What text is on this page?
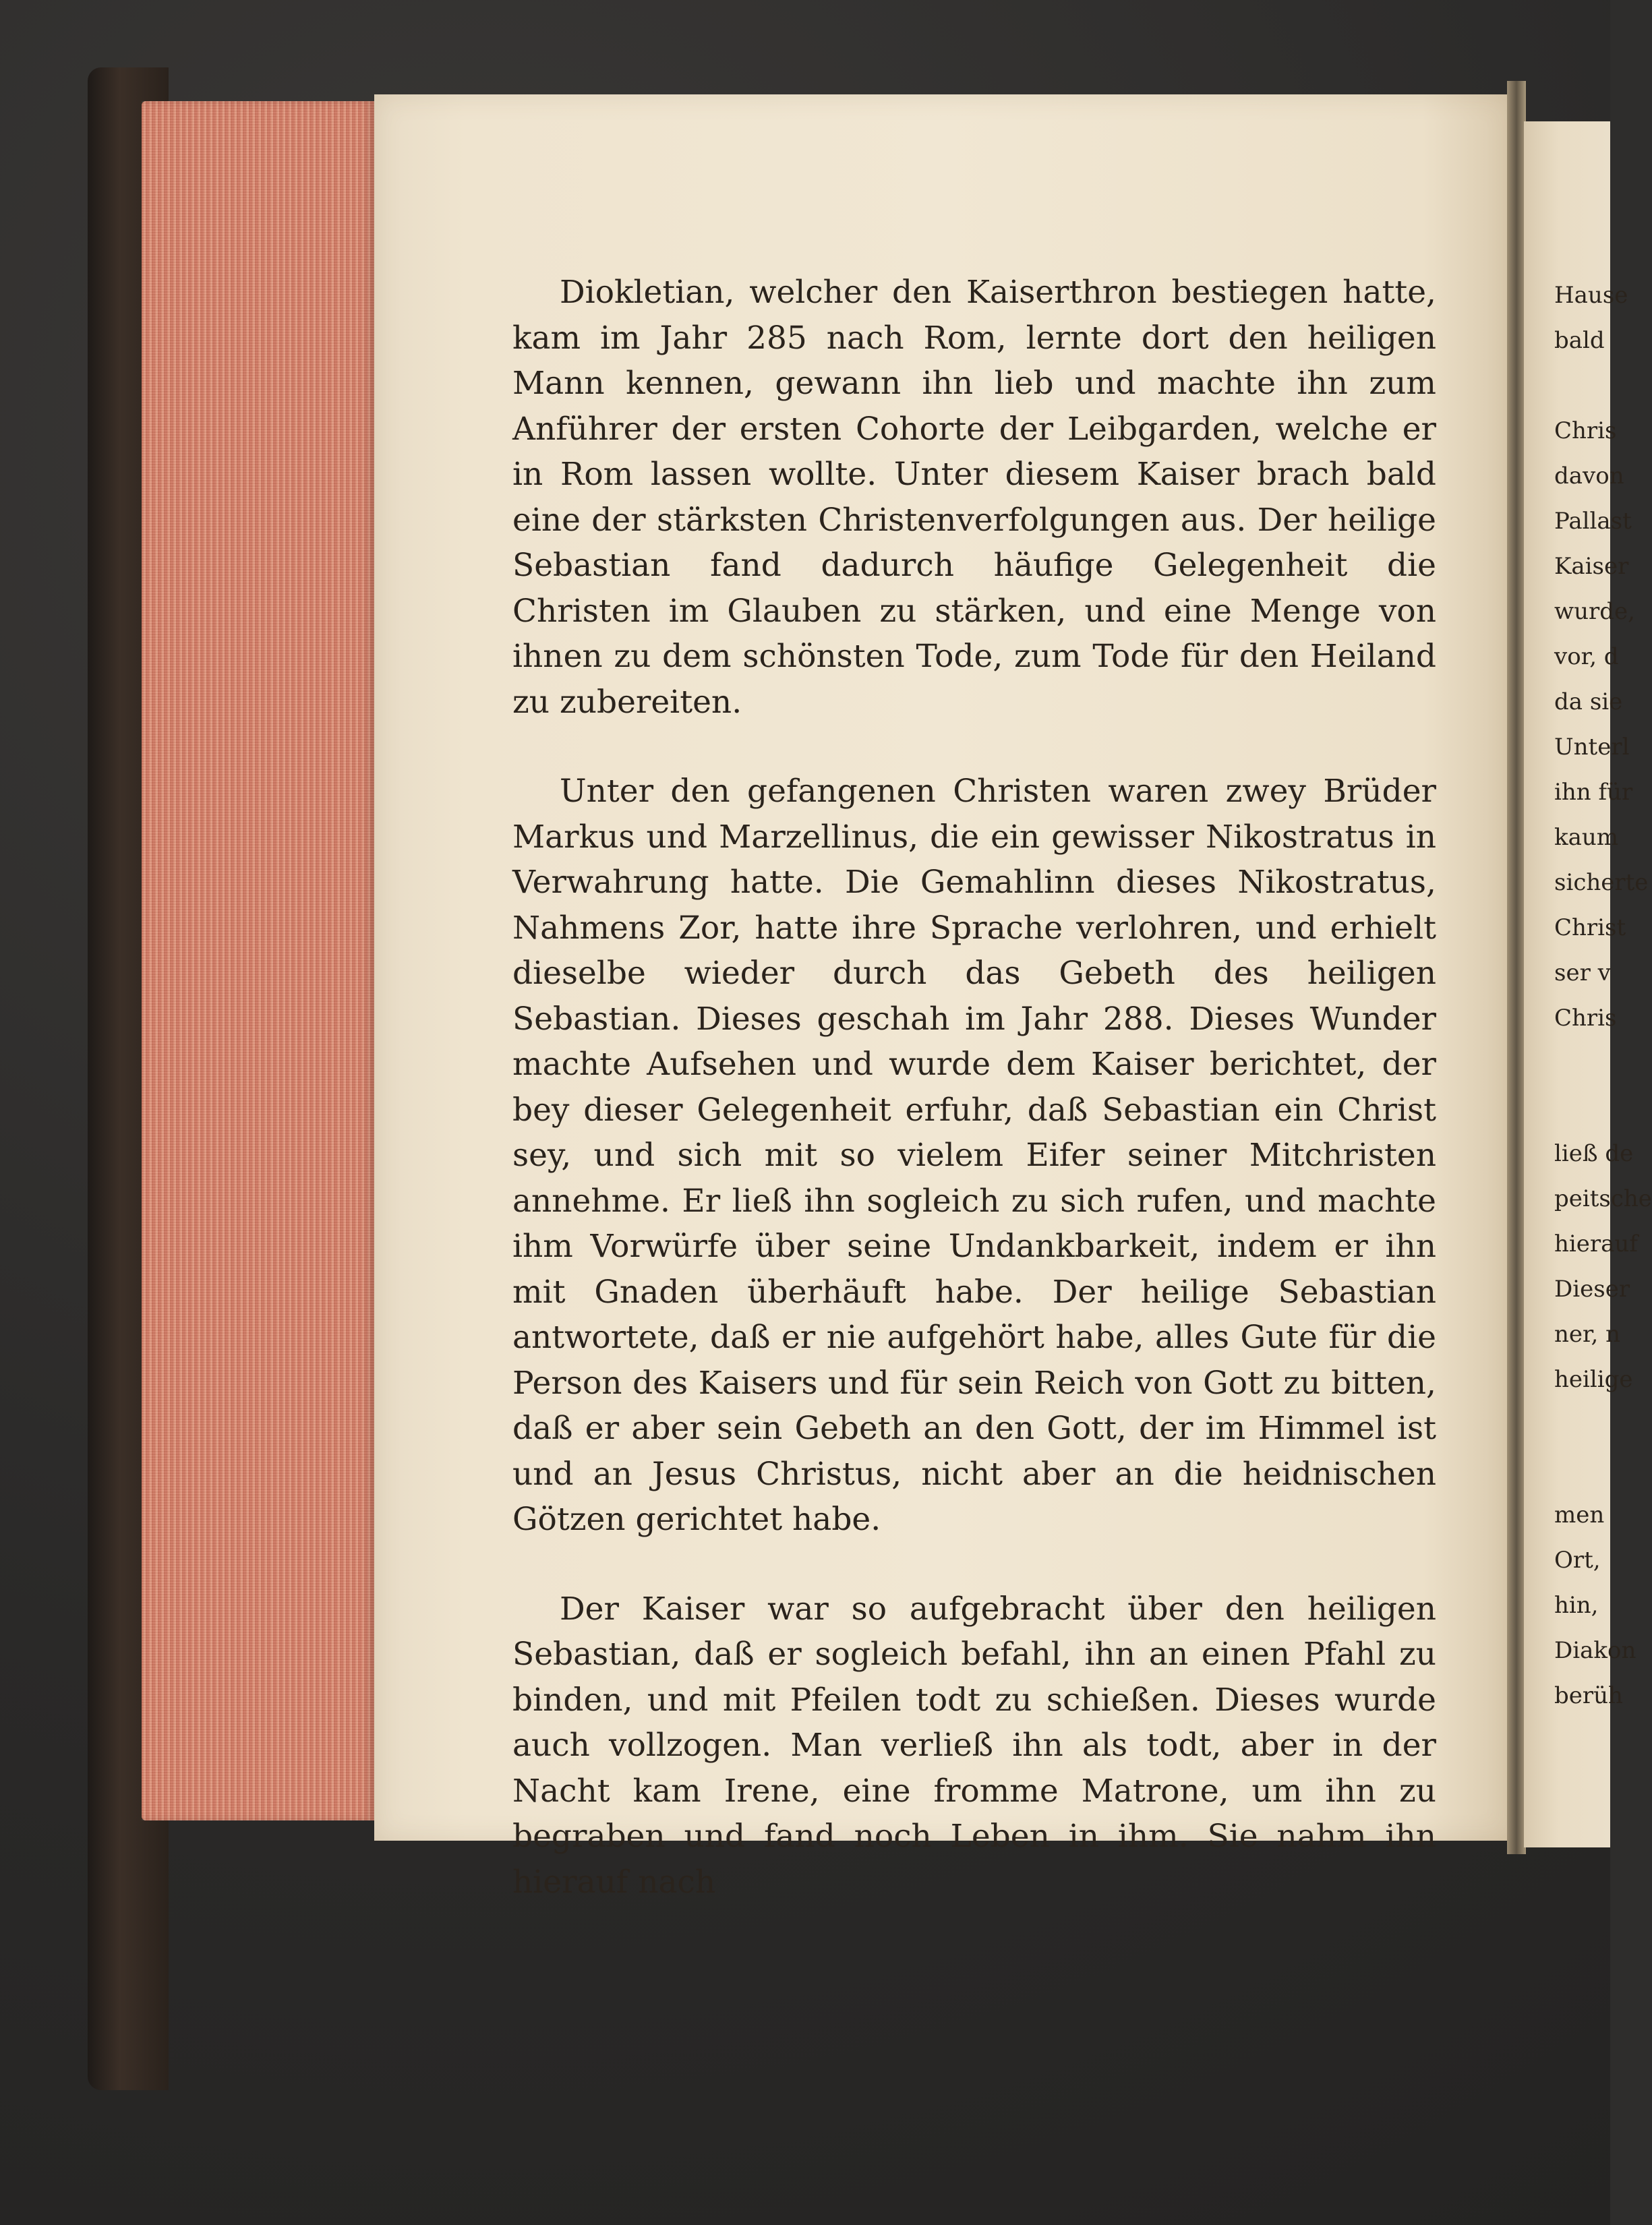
Diokletian, welcher den Kaiserthron bestiegen hatte, kam im Jahr 285 nach Rom, lernte dort den heiligen Mann kennen, gewann ihn lieb und machte ihn zum Anführer der ersten Cohorte der Leibgarden, welche er in Rom lassen wollte. Unter diesem Kaiser brach bald eine der stärksten Christenverfolgungen aus. Der heilige Sebastian fand dadurch häufige Gelegenheit die Christen im Glauben zu stärken, und eine Menge von ihnen zu dem schönsten Tode, zum Tode für den Heiland zu zubereiten.

Unter den gefangenen Christen waren zwey Brüder Markus und Marzellinus, die ein gewisser Nikostratus in Verwahrung hatte. Die Gemahlinn dieses Nikostratus, Nahmens Zor, hatte ihre Sprache verlohren, und erhielt dieselbe wieder durch das Gebeth des heiligen Sebastian. Dieses geschah im Jahr 288. Dieses Wunder machte Aufsehen und wurde dem Kaiser berichtet, der bey dieser Gelegenheit erfuhr, daß Sebastian ein Christ sey, und sich mit so vielem Eifer seiner Mitchristen annehme. Er ließ ihn sogleich zu sich rufen, und machte ihm Vorwürfe über seine Undankbarkeit, indem er ihn mit Gnaden überhäuft habe. Der heilige Sebastian antwortete, daß er nie aufgehört habe, alles Gute für die Person des Kaisers und für sein Reich von Gott zu bitten, daß er aber sein Gebeth an den Gott, der im Himmel ist und an Jesus Christus, nicht aber an die heidnischen Götzen gerichtet habe.

Der Kaiser war so aufgebracht über den heiligen Sebastian, daß er sogleich befahl, ihn an einen Pfahl zu binden, und mit Pfeilen todt zu schießen. Dieses wurde auch vollzogen. Man verließ ihn als todt, aber in der Nacht kam Irene, eine fromme Matrone, um ihn zu begraben und fand noch Leben in ihm. Sie nahm ihn hierauf nach

Hause
bald
Chris
davon
Pallast
Kaiser
wurde,
vor, d
da sie
Unterl
ihn für
kaum
sicherte
Christ
ser v
Chris
ließ de
peitsche
hierauf
Dieser
ner, n
heilige
men
Ort,
hin,
Diakon
berüh
